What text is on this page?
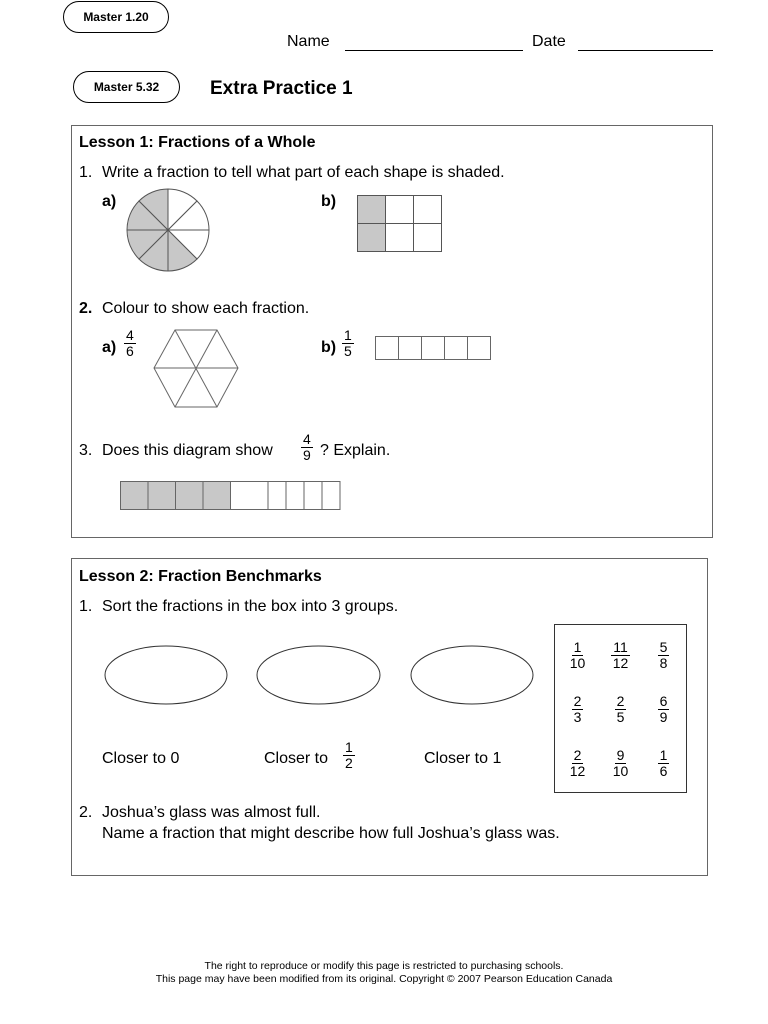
Master 1.20
Name	Date
Master 5.32	Extra Practice 1
Lesson 1: Fractions of a Whole
1. Write a fraction to tell what part of each shape is shaded.
a)	b)
2. Colour to show each fraction.
$a) \frac{4}{6}$	$b) \frac{1}{5}$
3. Does this diagram show $\frac{4}{9}$ ? Explain.
Lesson 2: Fraction Benchmarks
1. Sort the fractions in the box into 3 groups.
Closer to 0	Closer to $\frac{1}{2}$	Closer to 1
$\frac{1}{10} \frac{11}{12} \frac{5}{8}$
$\frac{2}{3} \frac{2}{5} \frac{6}{9}$
$\frac{2}{12} \frac{9}{10} \frac{1}{6}$
2. Joshua’s glass was almost full.
Name a fraction that might describe how full Joshua’s glass was.
The right to reproduce or modify this page is restricted to purchasing schools.
This page may have been modified from its original. Copyright © 2007 Pearson Education Canada
